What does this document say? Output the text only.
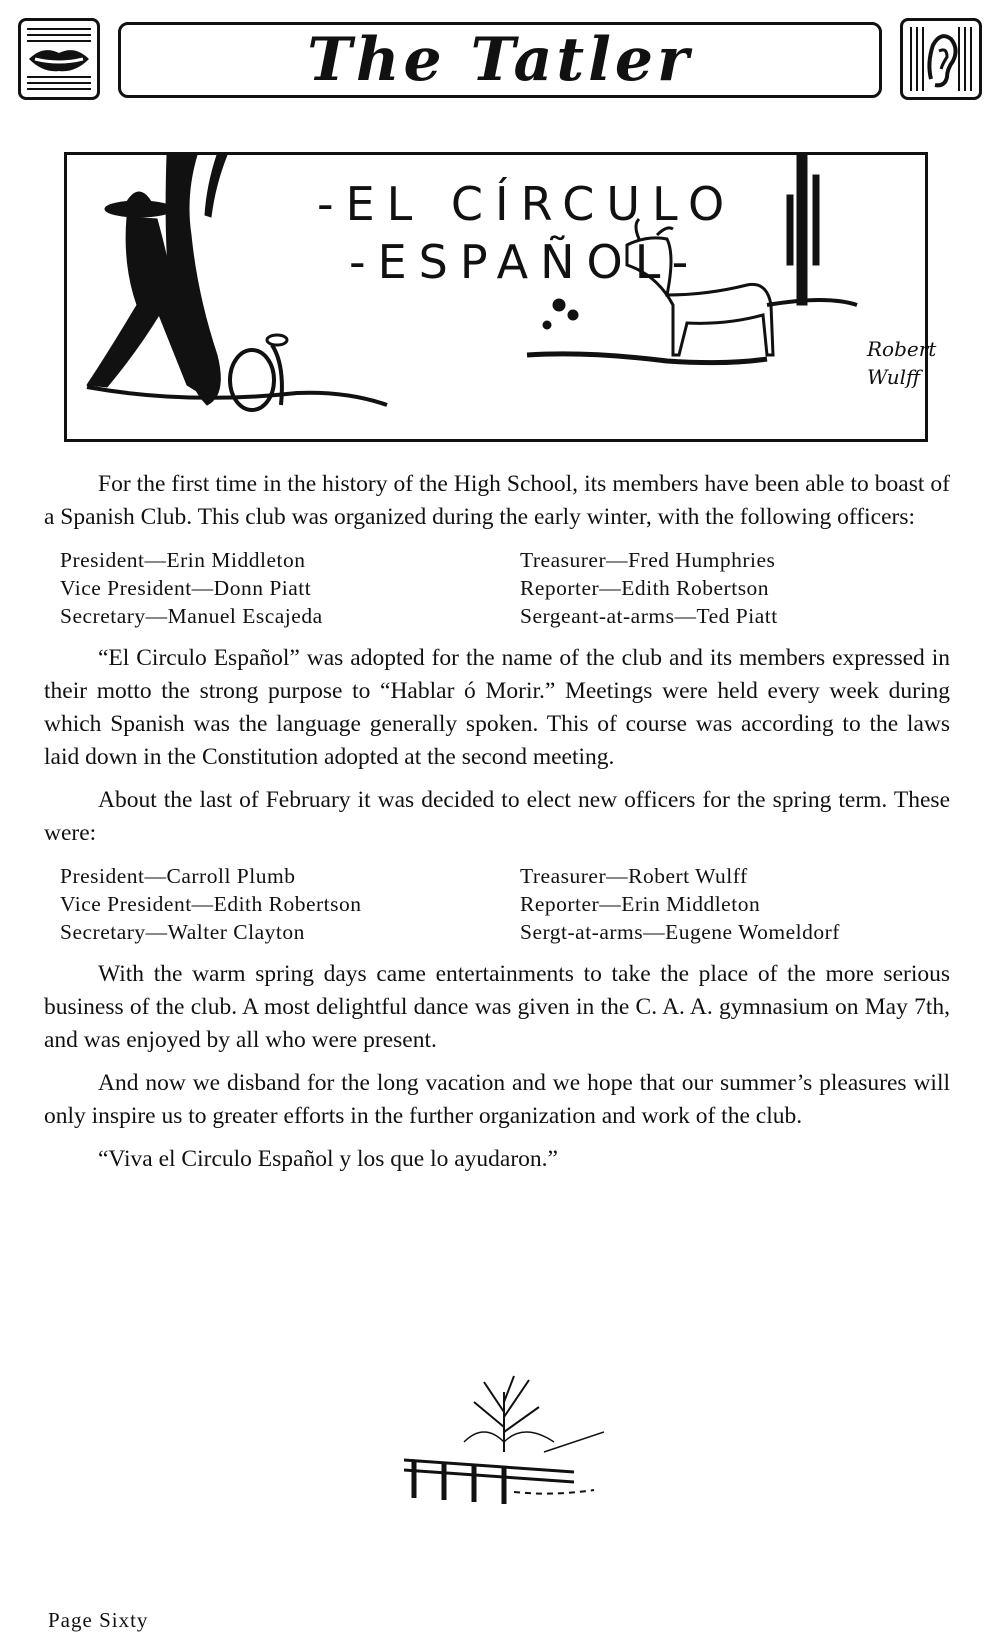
The Tatler
-EL CÍRCULO
-ESPAÑOL-
Robert
Wulff

For the first time in the history of the High School, its members have been able to boast of a Spanish Club. This club was organized during the early winter, with the following officers:

President—Erin Middleton	Treasurer—Fred Humphries
Vice President—Donn Piatt	Reporter—Edith Robertson
Secretary—Manuel Escajeda	Sergeant-at-arms—Ted Piatt

“El Circulo Español” was adopted for the name of the club and its members expressed in their motto the strong purpose to “Hablar ó Morir.” Meetings were held every week during which Spanish was the language generally spoken. This of course was according to the laws laid down in the Constitution adopted at the second meeting.

About the last of February it was decided to elect new officers for the spring term. These were:

President—Carroll Plumb	Treasurer—Robert Wulff
Vice President—Edith Robertson	Reporter—Erin Middleton
Secretary—Walter Clayton	Sergt-at-arms—Eugene Womeldorf

With the warm spring days came entertainments to take the place of the more serious business of the club. A most delightful dance was given in the C. A. A. gymnasium on May 7th, and was enjoyed by all who were present.

And now we disband for the long vacation and we hope that our summer’s pleasures will only inspire us to greater efforts in the further organization and work of the club.

“Viva el Circulo Español y los que lo ayudaron.”

Page Sixty
